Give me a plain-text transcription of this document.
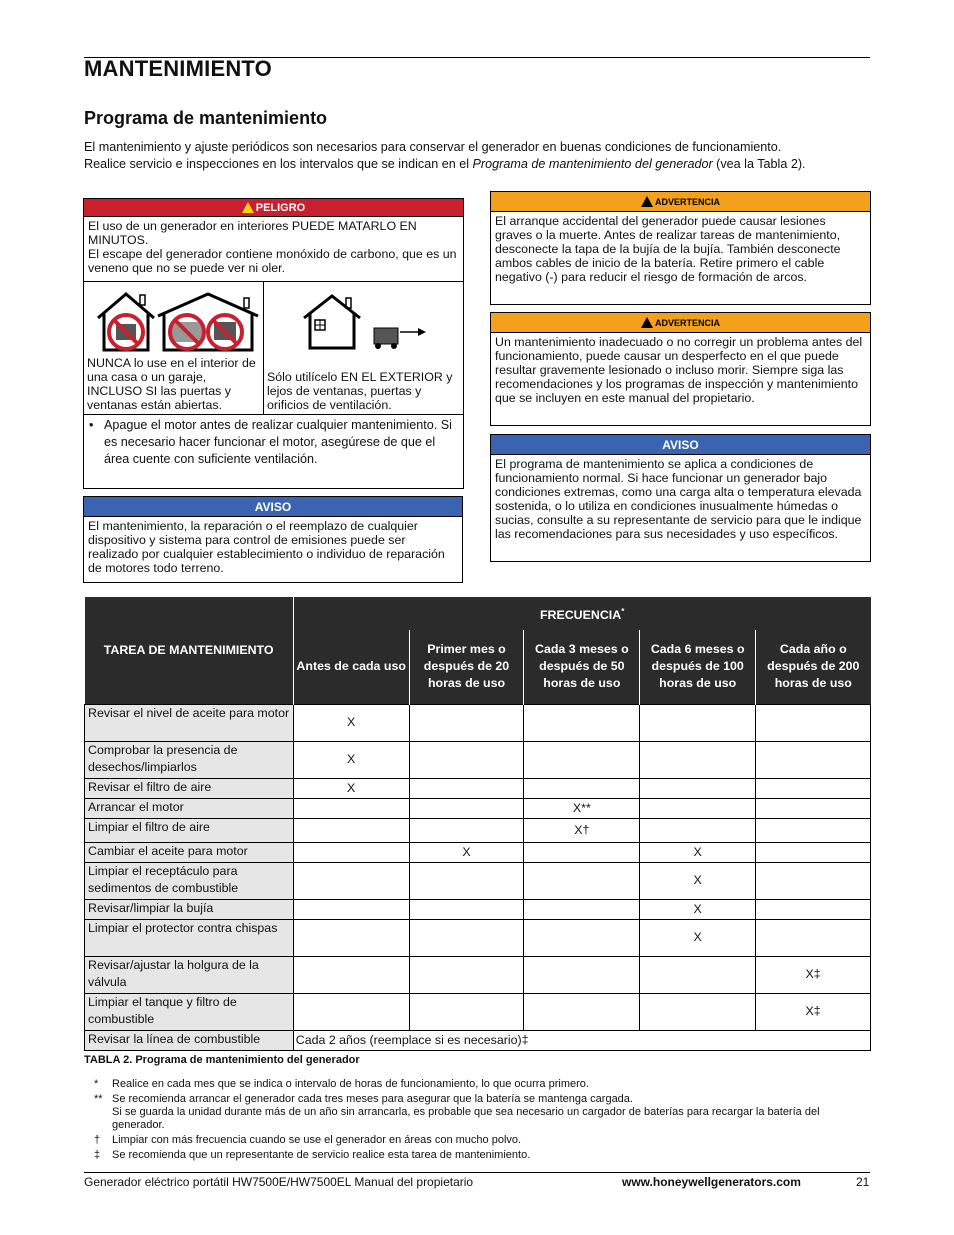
MANTENIMIENTO
Programa de mantenimiento
El mantenimiento y ajuste periódicos son necesarios para conservar el generador en buenas condiciones de funcionamiento.
Realice servicio e inspecciones en los intervalos que se indican en el Programa de mantenimiento del generador (vea la Tabla 2).
PELIGRO
El uso de un generador en interiores PUEDE MATARLO EN MINUTOS.
El escape del generador contiene monóxido de carbono, que es un veneno que no se puede ver ni oler.
NUNCA lo use en el interior de una casa o un garaje, INCLUSO SI las puertas y ventanas están abiertas.
Sólo utilícelo EN EL EXTERIOR y lejos de ventanas, puertas y orificios de ventilación.
• Apague el motor antes de realizar cualquier mantenimiento. Si es necesario hacer funcionar el motor, asegúrese de que el área cuente con suficiente ventilación.
AVISO
El mantenimiento, la reparación o el reemplazo de cualquier dispositivo y sistema para control de emisiones puede ser realizado por cualquier establecimiento o individuo de reparación de motores todo terreno.
ADVERTENCIA
El arranque accidental del generador puede causar lesiones graves o la muerte. Antes de realizar tareas de mantenimiento, desconecte la tapa de la bujía de la bujía. También desconecte ambos cables de inicio de la batería. Retire primero el cable negativo (-) para reducir el riesgo de formación de arcos.
ADVERTENCIA
Un mantenimiento inadecuado o no corregir un problema antes del funcionamiento, puede causar un desperfecto en el que puede resultar gravemente lesionado o incluso morir. Siempre siga las recomendaciones y los programas de inspección y mantenimiento que se incluyen en este manual del propietario.
AVISO
El programa de mantenimiento se aplica a condiciones de funcionamiento normal. Si hace funcionar un generador bajo condiciones extremas, como una carga alta o temperatura elevada sostenida, o lo utiliza en condiciones inusualmente húmedas o sucias, consulte a su representante de servicio para que le indique las recomendaciones para sus necesidades y uso específicos.
TAREA DE MANTENIMIENTO	FRECUENCIA*
	Antes de cada uso	Primer mes o después de 20 horas de uso	Cada 3 meses o después de 50 horas de uso	Cada 6 meses o después de 100 horas de uso	Cada año o después de 200 horas de uso
Revisar el nivel de aceite para motor	X				
Comprobar la presencia de desechos/limpiarlos	X				
Revisar el filtro de aire	X				
Arrancar el motor			X**		
Limpiar el filtro de aire			X†		
Cambiar el aceite para motor		X		X	
Limpiar el receptáculo para sedimentos de combustible				X	
Revisar/limpiar la bujía				X	
Limpiar el protector contra chispas				X	
Revisar/ajustar la holgura de la válvula					X‡
Limpiar el tanque y filtro de combustible					X‡
Revisar la línea de combustible	Cada 2 años (reemplace si es necesario)‡				
TABLA 2. Programa de mantenimiento del generador
*	Realice en cada mes que se indica o intervalo de horas de funcionamiento, lo que ocurra primero.
** Se recomienda arrancar el generador cada tres meses para asegurar que la batería se mantenga cargada.
Si se guarda la unidad durante más de un año sin arrancarla, es probable que sea necesario un cargador de baterías para recargar la batería del generador.
†	Limpiar con más frecuencia cuando se use el generador en áreas con mucho polvo.
‡	Se recomienda que un representante de servicio realice esta tarea de mantenimiento.
Generador eléctrico portátil HW7500E/HW7500EL Manual del propietario	www.honeywellgenerators.com	21
